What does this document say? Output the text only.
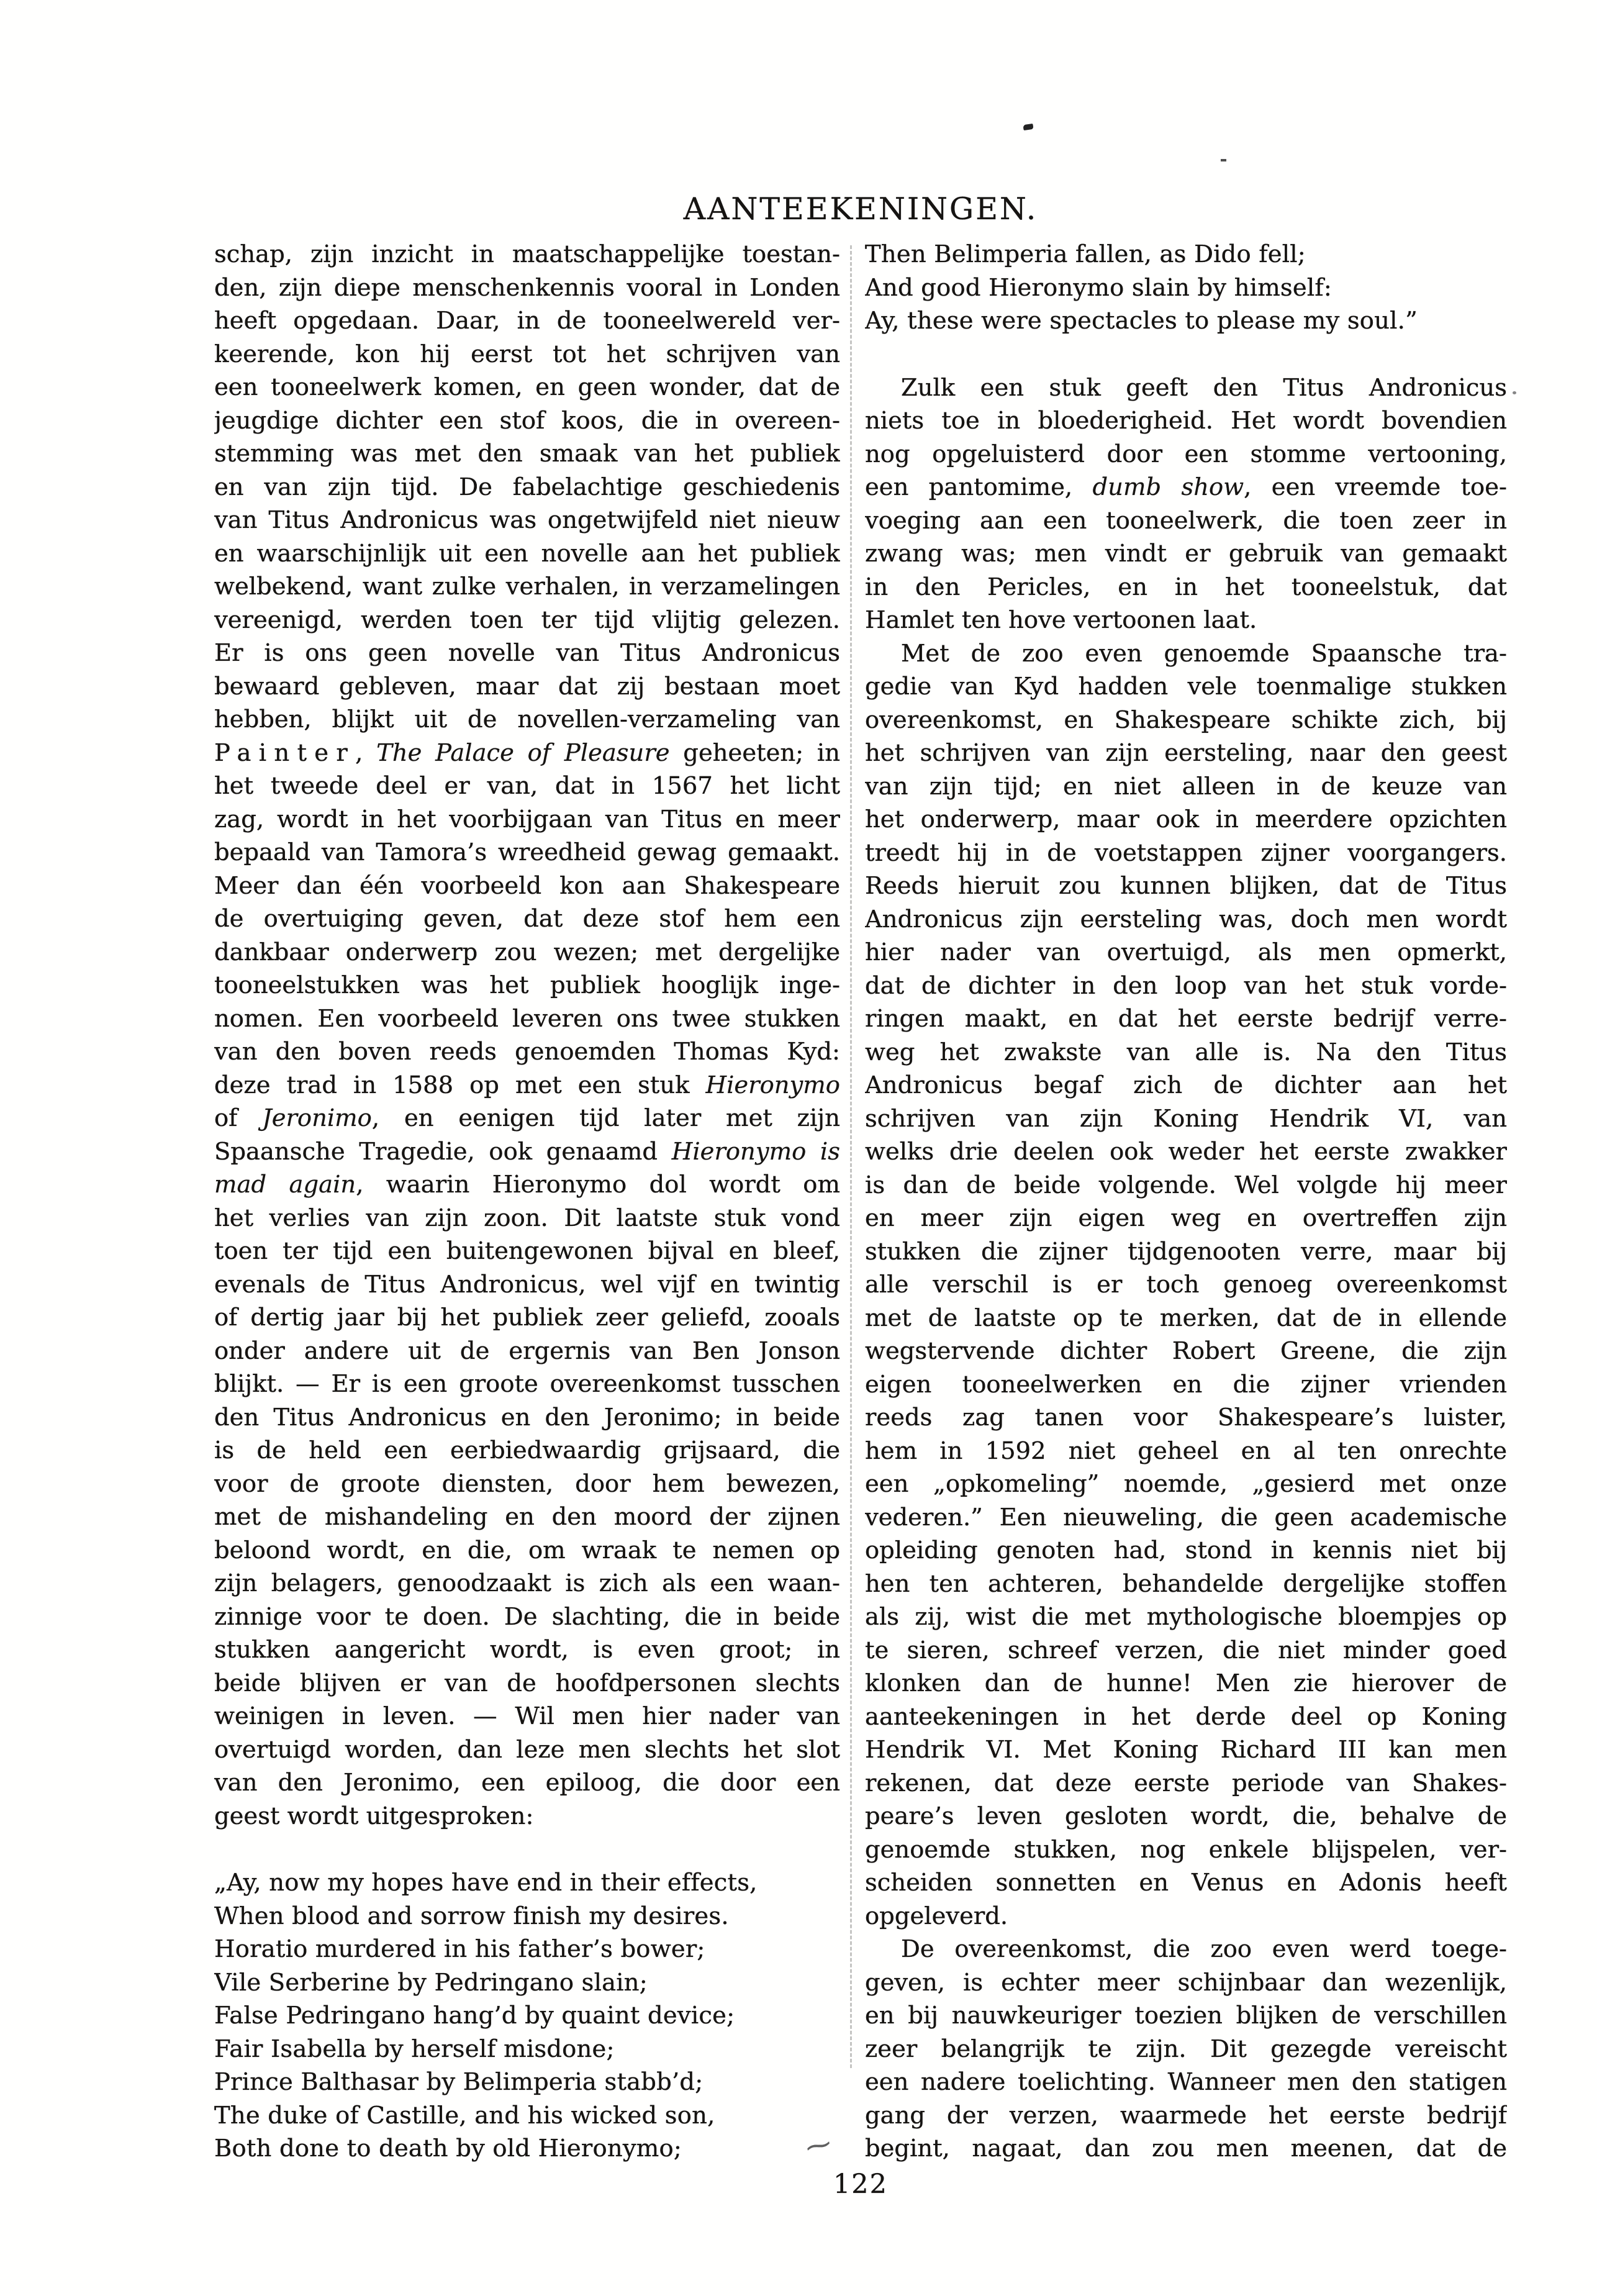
AANTEEKENINGEN.
schap, zijn inzicht in maatschappelijke toestan-
den, zijn diepe menschenkennis vooral in Londen
heeft opgedaan. Daar, in de tooneelwereld ver-
keerende, kon hij eerst tot het schrijven van
een tooneelwerk komen, en geen wonder, dat de
jeugdige dichter een stof koos, die in overeen-
stemming was met den smaak van het publiek
en van zijn tijd. De fabelachtige geschiedenis
van Titus Andronicus was ongetwijfeld niet nieuw
en waarschijnlijk uit een novelle aan het publiek
welbekend, want zulke verhalen, in verzamelingen
vereenigd, werden toen ter tijd vlijtig gelezen.
Er is ons geen novelle van Titus Andronicus
bewaard gebleven, maar dat zij bestaan moet
hebben, blijkt uit de novellen-verzameling van
Painter, The Palace of Pleasure geheeten; in
het tweede deel er van, dat in 1567 het licht
zag, wordt in het voorbijgaan van Titus en meer
bepaald van Tamora’s wreedheid gewag gemaakt.
Meer dan één voorbeeld kon aan Shakespeare
de overtuiging geven, dat deze stof hem een
dankbaar onderwerp zou wezen; met dergelijke
tooneelstukken was het publiek hooglijk inge-
nomen. Een voorbeeld leveren ons twee stukken
van den boven reeds genoemden Thomas Kyd:
deze trad in 1588 op met een stuk Hieronymo
of Jeronimo, en eenigen tijd later met zijn
Spaansche Tragedie, ook genaamd Hieronymo is
mad again, waarin Hieronymo dol wordt om
het verlies van zijn zoon. Dit laatste stuk vond
toen ter tijd een buitengewonen bijval en bleef,
evenals de Titus Andronicus, wel vijf en twintig
of dertig jaar bij het publiek zeer geliefd, zooals
onder andere uit de ergernis van Ben Jonson
blijkt. — Er is een groote overeenkomst tusschen
den Titus Andronicus en den Jeronimo; in beide
is de held een eerbiedwaardig grijsaard, die
voor de groote diensten, door hem bewezen,
met de mishandeling en den moord der zijnen
beloond wordt, en die, om wraak te nemen op
zijn belagers, genoodzaakt is zich als een waan-
zinnige voor te doen. De slachting, die in beide
stukken aangericht wordt, is even groot; in
beide blijven er van de hoofdpersonen slechts
weinigen in leven. — Wil men hier nader van
overtuigd worden, dan leze men slechts het slot
van den Jeronimo, een epiloog, die door een
geest wordt uitgesproken:
„Ay, now my hopes have end in their effects,
When blood and sorrow finish my desires.
Horatio murdered in his father’s bower;
Vile Serberine by Pedringano slain;
False Pedringano hang’d by quaint device;
Fair Isabella by herself misdone;
Prince Balthasar by Belimperia stabb’d;
The duke of Castille, and his wicked son,
Both done to death by old Hieronymo;
Then Belimperia fallen, as Dido fell;
And good Hieronymo slain by himself:
Ay, these were spectacles to please my soul.”
Zulk een stuk geeft den Titus Andronicus
niets toe in bloederigheid. Het wordt bovendien
nog opgeluisterd door een stomme vertooning,
een pantomime, dumb show, een vreemde toe-
voeging aan een tooneelwerk, die toen zeer in
zwang was; men vindt er gebruik van gemaakt
in den Pericles, en in het tooneelstuk, dat
Hamlet ten hove vertoonen laat.
Met de zoo even genoemde Spaansche tra-
gedie van Kyd hadden vele toenmalige stukken
overeenkomst, en Shakespeare schikte zich, bij
het schrijven van zijn eersteling, naar den geest
van zijn tijd; en niet alleen in de keuze van
het onderwerp, maar ook in meerdere opzichten
treedt hij in de voetstappen zijner voorgangers.
Reeds hieruit zou kunnen blijken, dat de Titus
Andronicus zijn eersteling was, doch men wordt
hier nader van overtuigd, als men opmerkt,
dat de dichter in den loop van het stuk vorde-
ringen maakt, en dat het eerste bedrijf verre-
weg het zwakste van alle is. Na den Titus
Andronicus begaf zich de dichter aan het
schrijven van zijn Koning Hendrik VI, van
welks drie deelen ook weder het eerste zwakker
is dan de beide volgende. Wel volgde hij meer
en meer zijn eigen weg en overtreffen zijn
stukken die zijner tijdgenooten verre, maar bij
alle verschil is er toch genoeg overeenkomst
met de laatste op te merken, dat de in ellende
wegstervende dichter Robert Greene, die zijn
eigen tooneelwerken en die zijner vrienden
reeds zag tanen voor Shakespeare’s luister,
hem in 1592 niet geheel en al ten onrechte
een „opkomeling” noemde, „gesierd met onze
vederen.” Een nieuweling, die geen academische
opleiding genoten had, stond in kennis niet bij
hen ten achteren, behandelde dergelijke stoffen
als zij, wist die met mythologische bloempjes op
te sieren, schreef verzen, die niet minder goed
klonken dan de hunne! Men zie hierover de
aanteekeningen in het derde deel op Koning
Hendrik VI. Met Koning Richard III kan men
rekenen, dat deze eerste periode van Shakes-
peare’s leven gesloten wordt, die, behalve de
genoemde stukken, nog enkele blijspelen, ver-
scheiden sonnetten en Venus en Adonis heeft
opgeleverd.
De overeenkomst, die zoo even werd toege-
geven, is echter meer schijnbaar dan wezenlijk,
en bij nauwkeuriger toezien blijken de verschillen
zeer belangrijk te zijn. Dit gezegde vereischt
een nadere toelichting. Wanneer men den statigen
gang der verzen, waarmede het eerste bedrijf
begint, nagaat, dan zou men meenen, dat de
122
⁓
